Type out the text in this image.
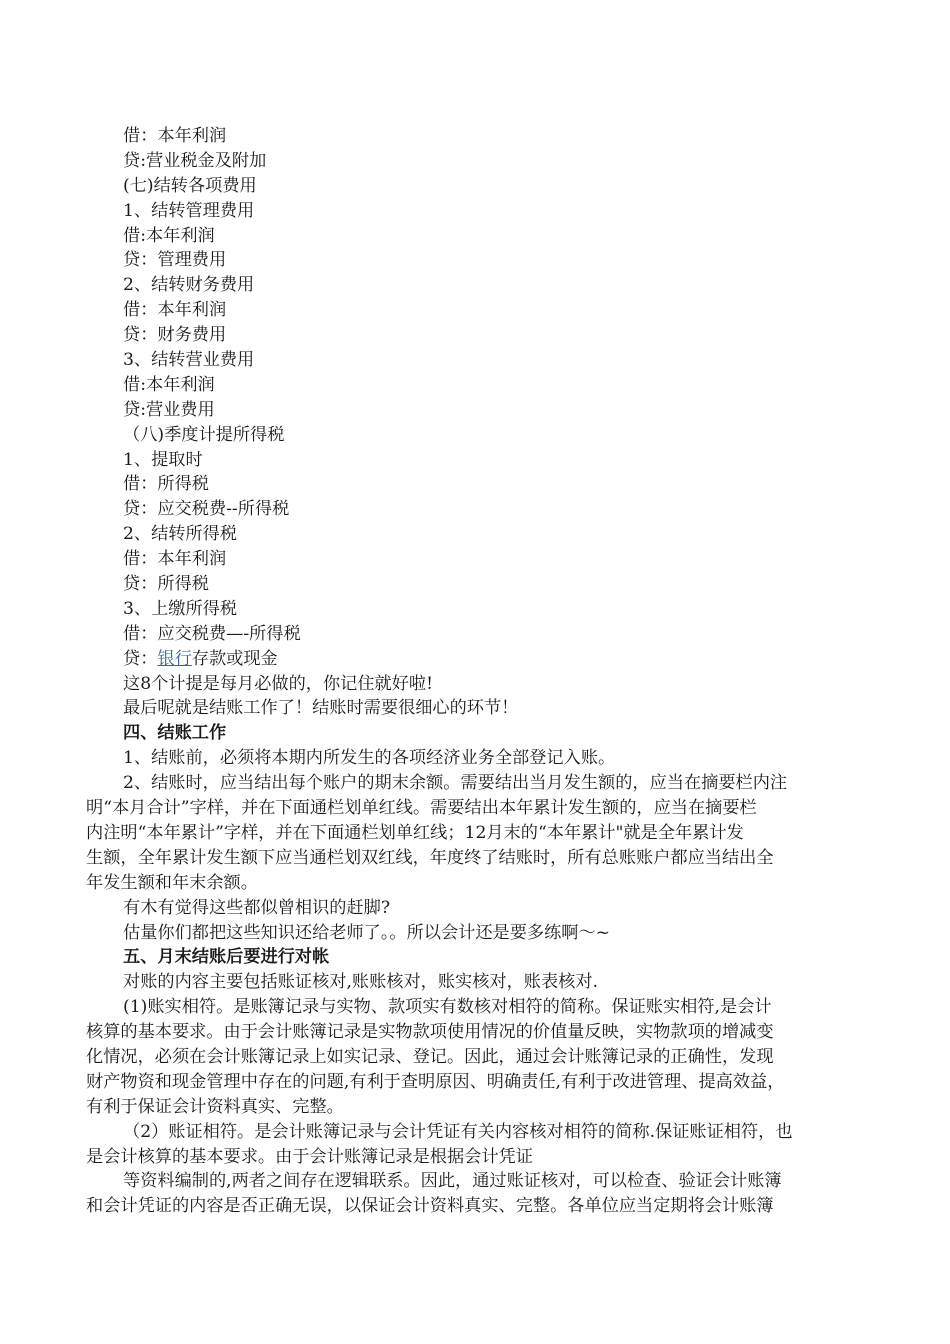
借：本年利润
贷:营业税金及附加
(七)结转各项费用
1、结转管理费用
借:本年利润
贷：管理费用
2、结转财务费用
借：本年利润
贷：财务费用
3、结转营业费用
借:本年利润
贷:营业费用
（八)季度计提所得税
1、提取时
借：所得税
贷：应交税费--所得税
2、结转所得税
借：本年利润
贷：所得税
3、上缴所得税
借：应交税费—-所得税
贷：银行存款或现金
这8个计提是每月必做的，你记住就好啦!
最后呢就是结账工作了！结账时需要很细心的环节！
四、结账工作
1、结账前，必须将本期内所发生的各项经济业务全部登记入账。
2、结账时，应当结出每个账户的期末余额。需要结出当月发生额的，应当在摘要栏内注
明“本月合计”字样，并在下面通栏划单红线。需要结出本年累计发生额的，应当在摘要栏
内注明“本年累计”字样，并在下面通栏划单红线；12月末的“本年累计"就是全年累计发
生额，全年累计发生额下应当通栏划双红线，年度终了结账时，所有总账账户都应当结出全
年发生额和年末余额。
有木有觉得这些都似曾相识的赶脚?
估量你们都把这些知识还给老师了。。所以会计还是要多练啊～~
五、月末结账后要进行对帐
对账的内容主要包括账证核对,账账核对，账实核对，账表核对.
(1)账实相符。是账簿记录与实物、款项实有数核对相符的简称。保证账实相符,是会计
核算的基本要求。由于会计账簿记录是实物款项使用情况的价值量反映，实物款项的增减变
化情况，必须在会计账簿记录上如实记录、登记。因此，通过会计账簿记录的正确性，发现
财产物资和现金管理中存在的问题,有利于查明原因、明确责任,有利于改进管理、提高效益，
有利于保证会计资料真实、完整。
（2）账证相符。是会计账簿记录与会计凭证有关内容核对相符的简称.保证账证相符，也
是会计核算的基本要求。由于会计账簿记录是根据会计凭证
等资料编制的,两者之间存在逻辑联系。因此，通过账证核对，可以检查、验证会计账簿
和会计凭证的内容是否正确无误，以保证会计资料真实、完整。各单位应当定期将会计账簿
